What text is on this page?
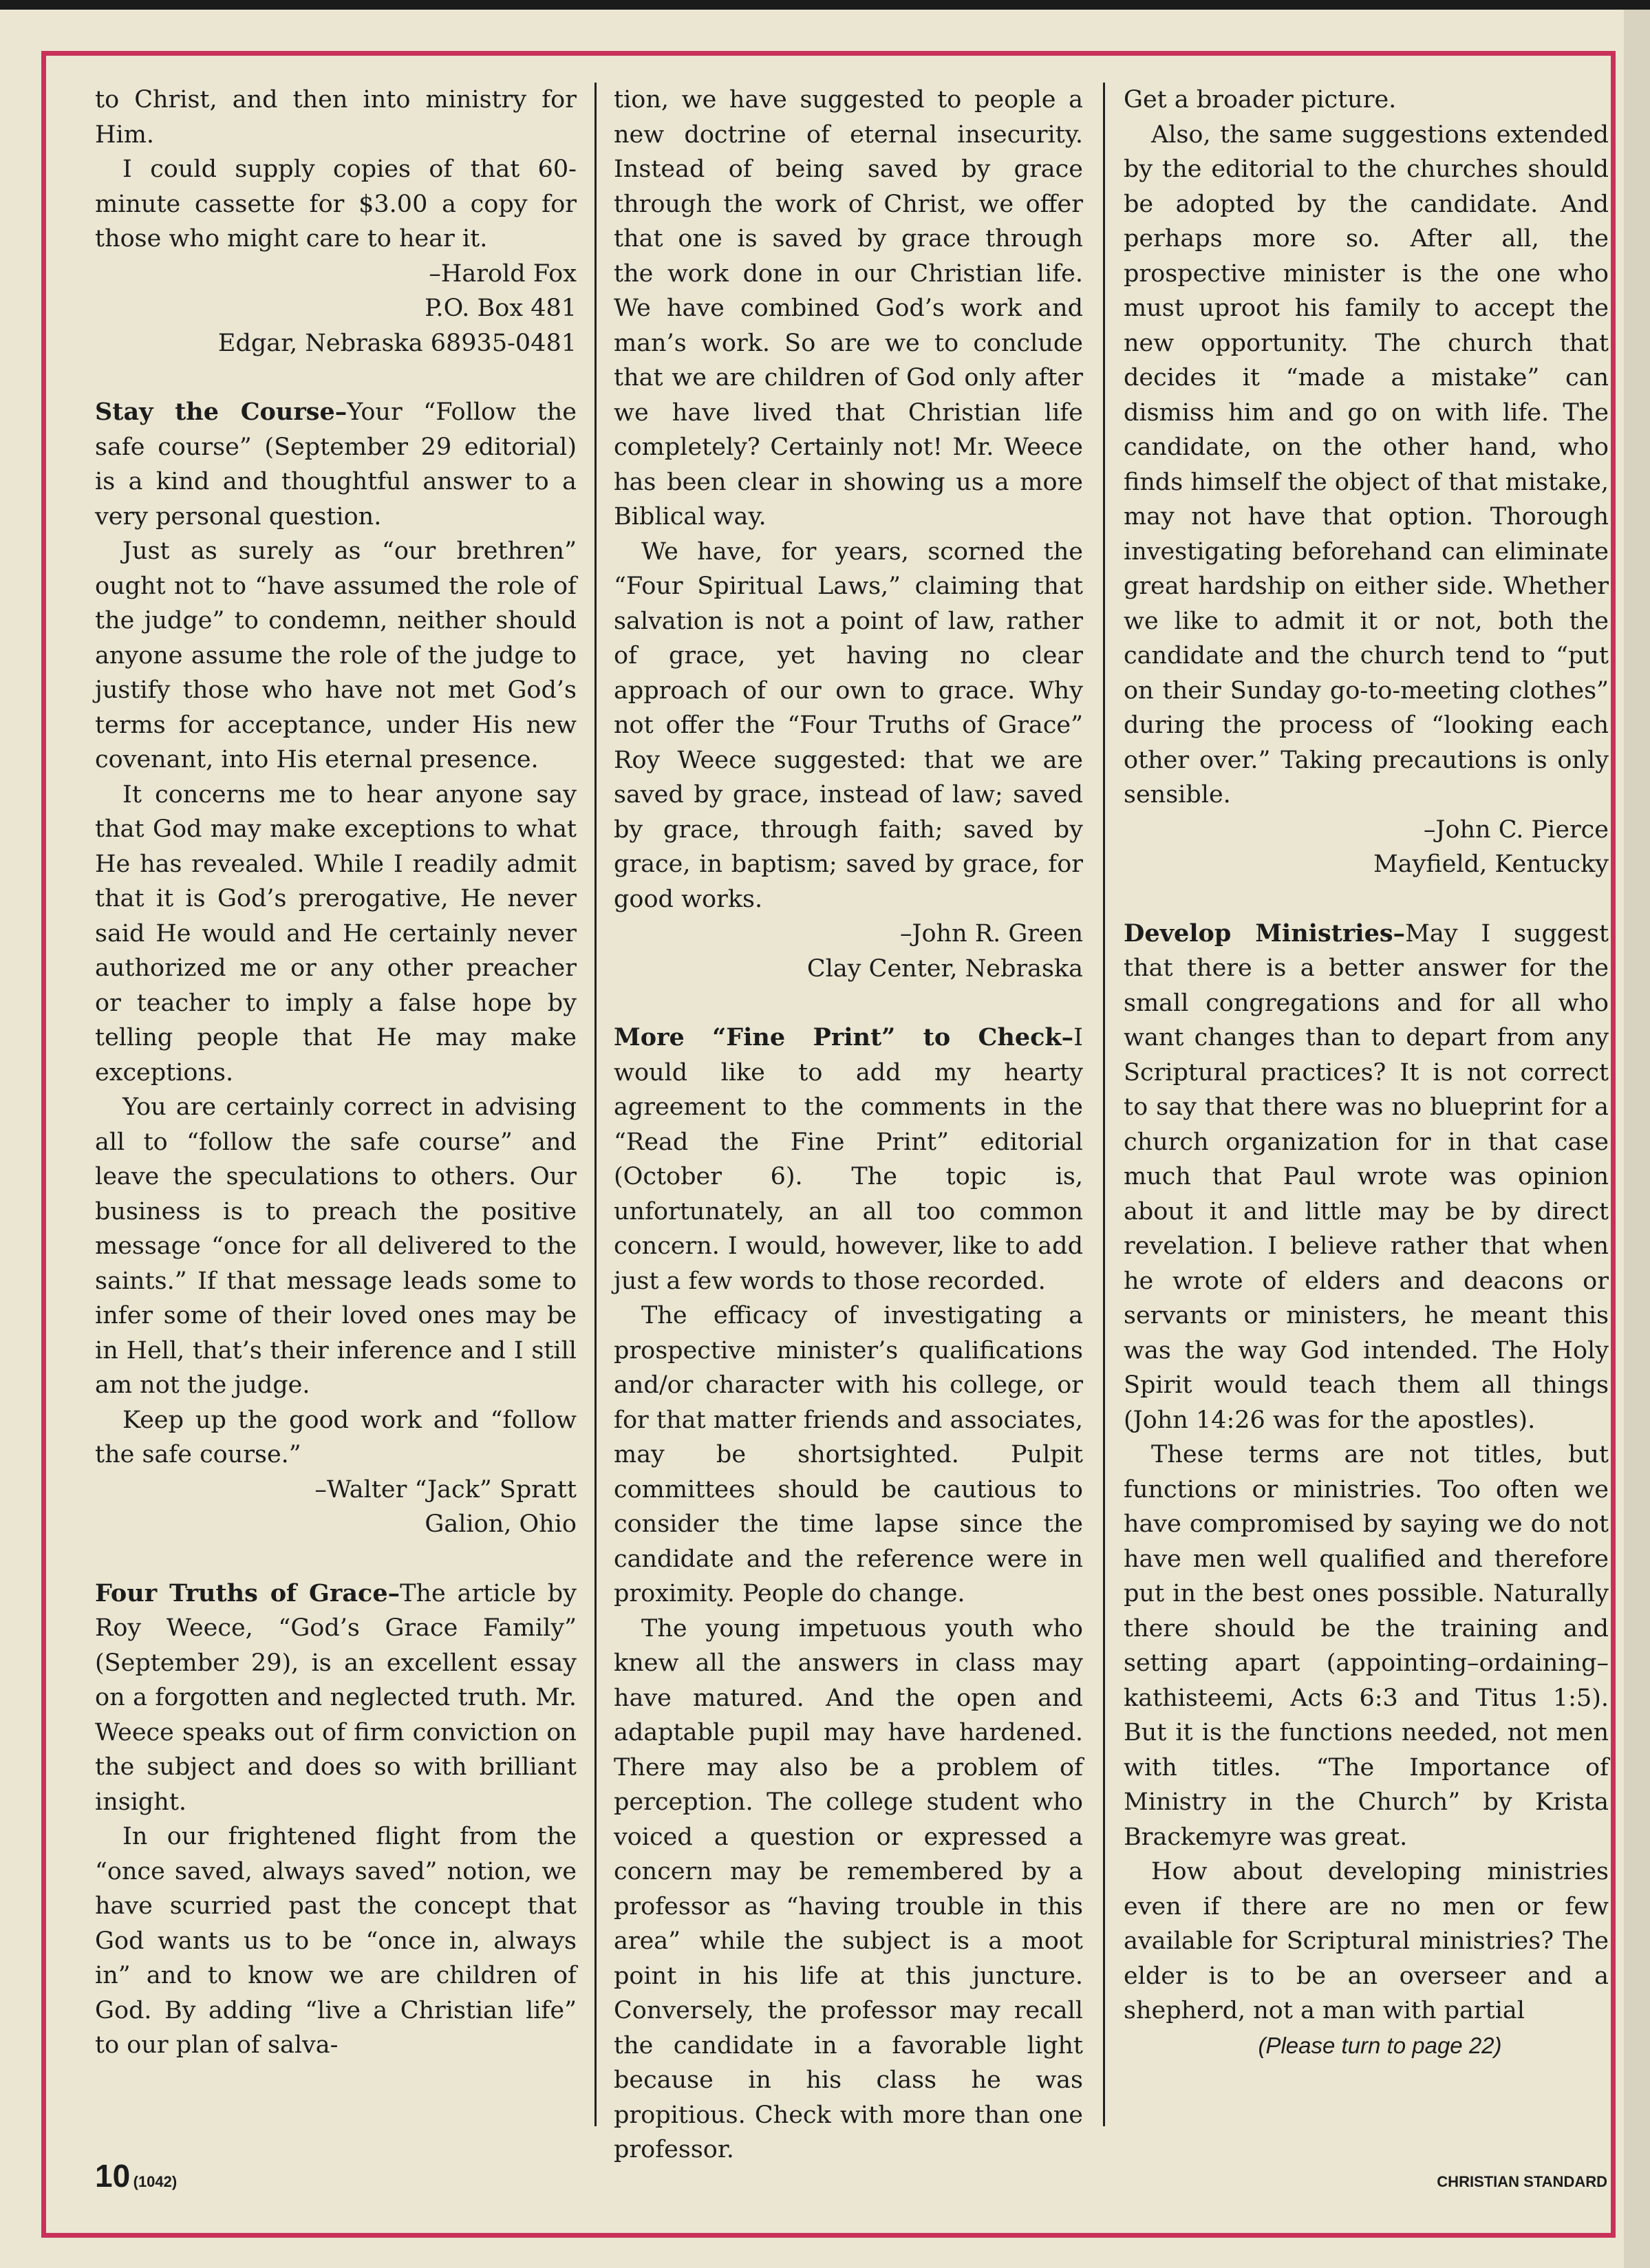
to Christ, and then into ministry for Him.

I could supply copies of that 60-minute cassette for $3.00 a copy for those who might care to hear it.

–Harold Fox

P.O. Box 481

Edgar, Nebraska 68935-0481

Stay the Course–Your “Follow the safe course” (September 29 editorial) is a kind and thoughtful answer to a very personal question.

Just as surely as “our brethren” ought not to “have assumed the role of the judge” to condemn, neither should anyone assume the role of the judge to justify those who have not met God’s terms for acceptance, under His new covenant, into His eternal presence.

It concerns me to hear anyone say that God may make exceptions to what He has revealed. While I readily admit that it is God’s prerogative, He never said He would and He certainly never authorized me or any other preacher or teacher to imply a false hope by telling people that He may make exceptions.

You are certainly correct in advising all to “follow the safe course” and leave the speculations to others. Our business is to preach the positive message “once for all delivered to the saints.” If that message leads some to infer some of their loved ones may be in Hell, that’s their inference and I still am not the judge.

Keep up the good work and “follow the safe course.”

–Walter “Jack” Spratt

Galion, Ohio

Four Truths of Grace–The article by Roy Weece, “God’s Grace Family” (September 29), is an excellent essay on a forgotten and neglected truth. Mr. Weece speaks out of firm conviction on the subject and does so with brilliant insight.

In our frightened flight from the “once saved, always saved” notion, we have scurried past the concept that God wants us to be “once in, always in” and to know we are children of God. By adding “live a Christian life” to our plan of salva-

tion, we have suggested to people a new doctrine of eternal insecurity. Instead of being saved by grace through the work of Christ, we offer that one is saved by grace through the work done in our Christian life. We have combined God’s work and man’s work. So are we to conclude that we are children of God only after we have lived that Christian life completely? Certainly not! Mr. Weece has been clear in showing us a more Biblical way.

We have, for years, scorned the “Four Spiritual Laws,” claiming that salvation is not a point of law, rather of grace, yet having no clear approach of our own to grace. Why not offer the “Four Truths of Grace” Roy Weece suggested: that we are saved by grace, instead of law; saved by grace, through faith; saved by grace, in baptism; saved by grace, for good works.

–John R. Green

Clay Center, Nebraska

More “Fine Print” to Check–I would like to add my hearty agreement to the comments in the “Read the Fine Print” editorial (October 6). The topic is, unfortunately, an all too common concern. I would, however, like to add just a few words to those recorded.

The efficacy of investigating a prospective minister’s qualifications and/or character with his college, or for that matter friends and associates, may be shortsighted. Pulpit committees should be cautious to consider the time lapse since the candidate and the reference were in proximity. People do change.

The young impetuous youth who knew all the answers in class may have matured. And the open and adaptable pupil may have hardened. There may also be a problem of perception. The college student who voiced a question or expressed a concern may be remembered by a professor as “having trouble in this area” while the subject is a moot point in his life at this juncture. Conversely, the professor may recall the candidate in a favorable light because in his class he was propitious. Check with more than one professor.

Get a broader picture.

Also, the same suggestions extended by the editorial to the churches should be adopted by the candidate. And perhaps more so. After all, the prospective minister is the one who must uproot his family to accept the new opportunity. The church that decides it “made a mistake” can dismiss him and go on with life. The candidate, on the other hand, who finds himself the object of that mistake, may not have that option. Thorough investigating beforehand can eliminate great hardship on either side. Whether we like to admit it or not, both the candidate and the church tend to “put on their Sunday go-to-meeting clothes” during the process of “looking each other over.” Taking precautions is only sensible.

–John C. Pierce

Mayfield, Kentucky

Develop Ministries–May I suggest that there is a better answer for the small congregations and for all who want changes than to depart from any Scriptural practices? It is not correct to say that there was no blueprint for a church organization for in that case much that Paul wrote was opinion about it and little may be by direct revelation. I believe rather that when he wrote of elders and deacons or servants or ministers, he meant this was the way God intended. The Holy Spirit would teach them all things (John 14:26 was for the apostles).

These terms are not titles, but functions or ministries. Too often we have compromised by saying we do not have men well qualified and therefore put in the best ones possible. Naturally there should be the training and setting apart (appointing–ordaining–kathisteemi, Acts 6:3 and Titus 1:5). But it is the functions needed, not men with titles. “The Importance of Ministry in the Church” by Krista Brackemyre was great.

How about developing ministries even if there are no men or few available for Scriptural ministries? The elder is to be an overseer and a shepherd, not a man with partial

(Please turn to page 22)

10 (1042)	CHRISTIAN STANDARD
